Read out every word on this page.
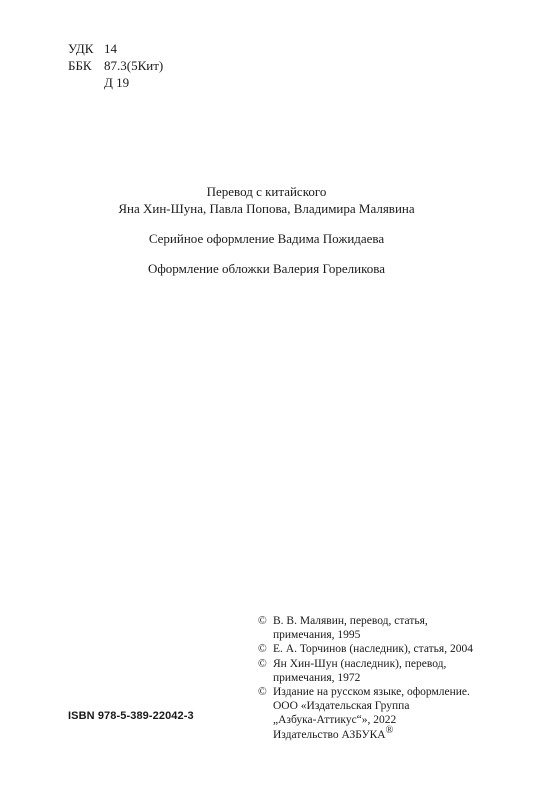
УДК 14
ББК 87.3(5Кит)
Д 19

Перевод с китайского

Яна Хин-Шуна, Павла Попова, Владимира Малявина

Серийное оформление Вадима Пожидаева

Оформление обложки Валерия Гореликова

© В. В. Малявин, перевод, статья,

примечания, 1995

© Е. А. Торчинов (наследник), статья, 2004

© Ян Хин-Шун (наследник), перевод,

примечания, 1972

© Издание на русском языке, оформление.

ООО «Издательская Группа

„Азбука-Аттикус“», 2022

Издательство АЗБУКА®

ISBN 978-5-389-22042-3
